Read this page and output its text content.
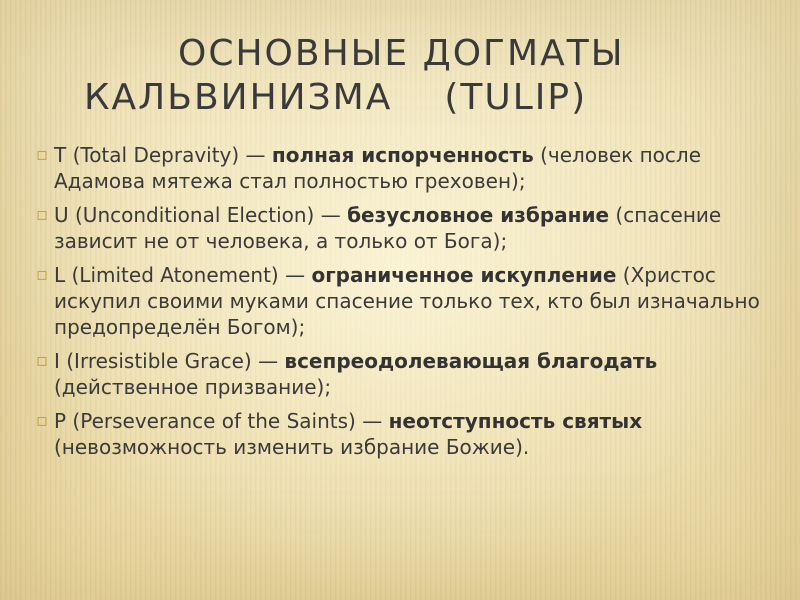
ОСНОВНЫЕ ДОГМАТЫ
КАЛЬВИНИЗМА (TULIP)
▫ T (Total Depravity) — полная испорченность (человек после Адамова мятежа стал полностью греховен);
▫ U (Unconditional Election) — безусловное избрание (спасение зависит не от человека, а только от Бога);
▫ L (Limited Atonement) — ограниченное искупление (Христос искупил своими муками спасение только тех, кто был изначально предопределён Богом);
▫ I (Irresistible Grace) — всепреодолевающая благодать (действенное призвание);
▫ P (Perseverance of the Saints) — неотступность святых (невозможность изменить избрание Божие).
